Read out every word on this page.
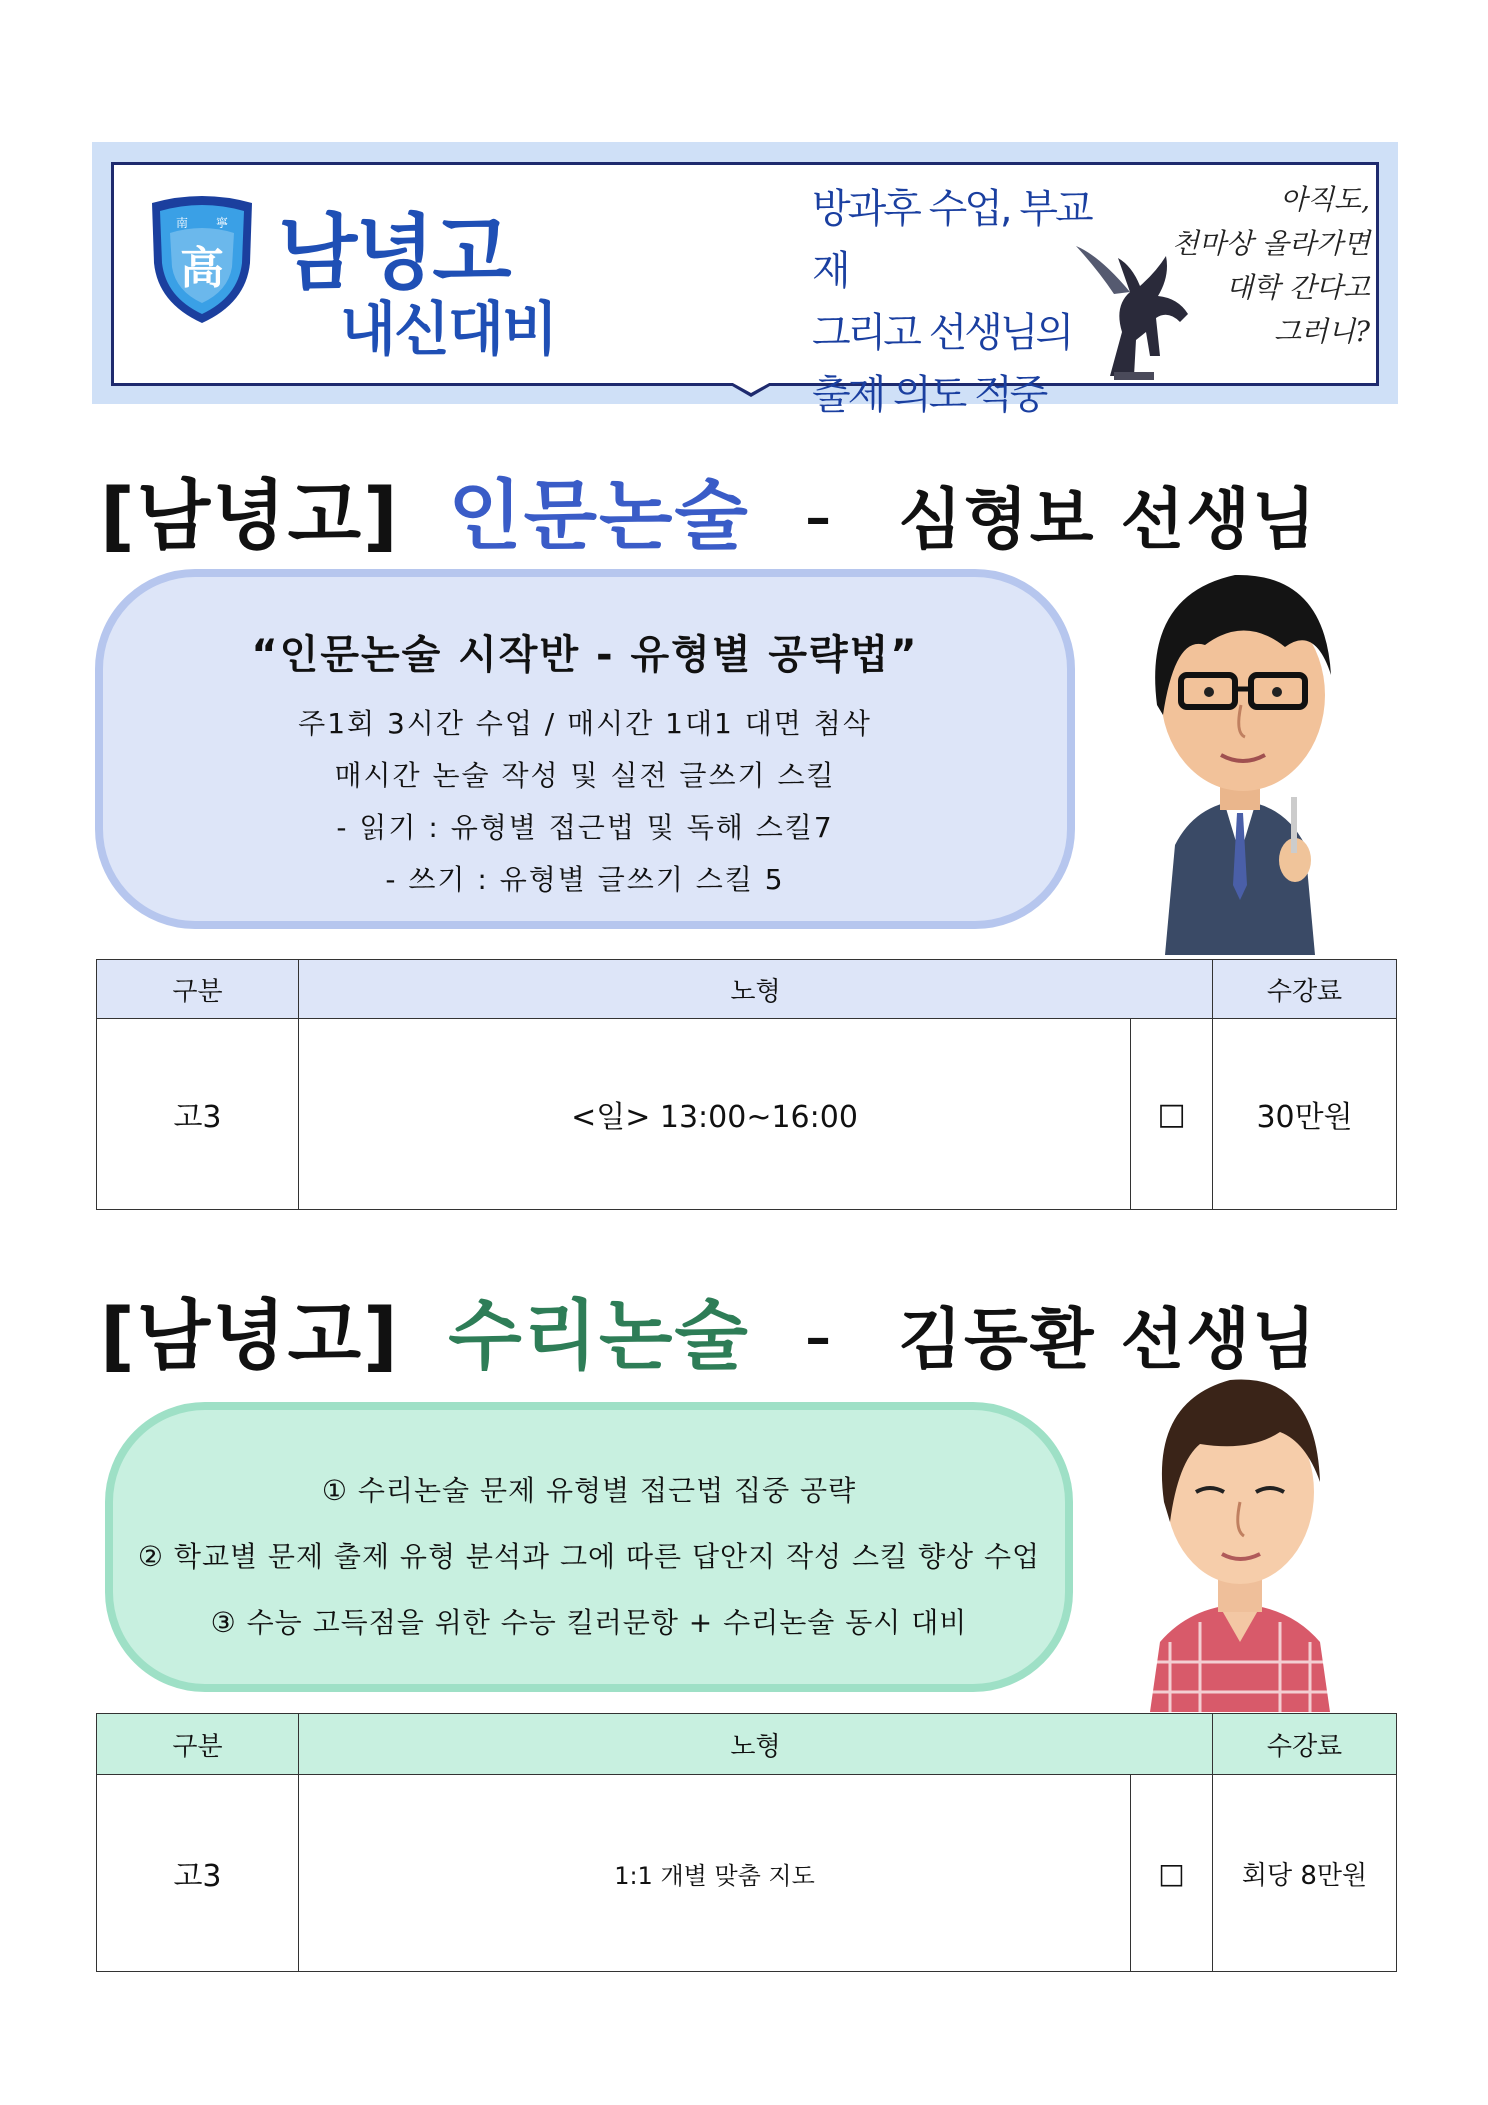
南 寧
高 남녕고
내신대비
방과후 수업, 부교재
그리고 선생님의
출제 의도 적중
아직도,
천마상 올라가면
대학 간다고
그러니?
[남녕고] 인문논술 - 심형보 선생님
“인문논술 시작반 - 유형별 공략법”
주1회 3시간 수업 / 매시간 1대1 대면 첨삭
매시간 논술 작성 및 실전 글쓰기 스킬
- 읽기 : 유형별 접근법 및 독해 스킬7
- 쓰기 : 유형별 글쓰기 스킬 5
구분	노형		수강료
고3	<일> 13:00~16:00	□	30만원
[남녕고] 수리논술 - 김동환 선생님
① 수리논술 문제 유형별 접근법 집중 공략
② 학교별 문제 출제 유형 분석과 그에 따른 답안지 작성 스킬 향상 수업
③ 수능 고득점을 위한 수능 킬러문항 + 수리논술 동시 대비
구분	노형		수강료
고3	1:1 개별 맞춤 지도	□	회당 8만원
